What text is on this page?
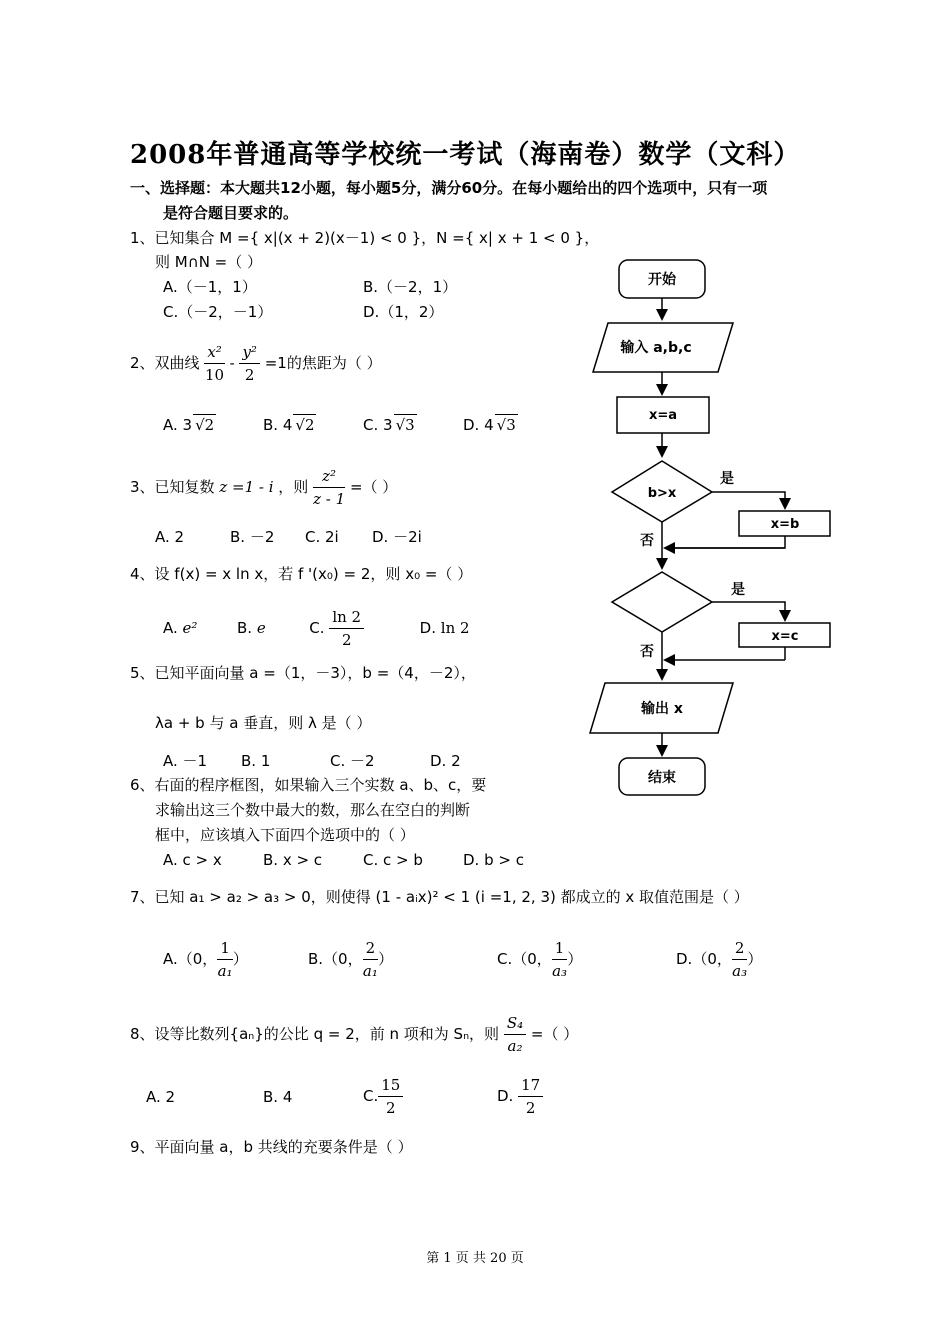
2008年普通高等学校统一考试（海南卷）数学（文科）
一、选择题：本大题共12小题，每小题5分，满分60分。在每小题给出的四个选项中，只有一项
是符合题目要求的。
1、已知集合 M ={ x|(x + 2)(x－1) < 0 }，N ={ x| x + 1 < 0 }，
则 M∩N =（ ）
A.（－1，1）	B.（－2，1）
C.（－2，－1）	D.（1，2）
2、双曲线 $\frac{\text{x²}}{10} - \frac{\text{y²}}{2} =1$的焦距为（ ）
A. 3 √2	B. 4 √2	C. 3 √3	D. 4 √3
3、已知复数 z =1 - i ，则 $\frac{\text{z²}}{z - 1}$ =（ ）
A. 2	B. －2 C. 2i D. －2i
4、设 f(x) = x ln x，若 f '(x₀) = 2，则 x₀ =（ ）
A. e²	B. e	C. $\frac{\ln 2}{2}$	D. ln 2
5、已知平面向量 a =（1，－3），b =（4，－2），
λa + b 与 a 垂直，则 λ 是（ ）
A. －1 B. 1	C. －2	D. 2
6、右面的程序框图，如果输入三个实数 a、b、c，要
求输出这三个数中最大的数，那么在空白的判断
框中，应该填入下面四个选项中的（ ）
A. c > x	B. x > c	C. c > b	D. b > c
7、已知 a₁ > a₂ > a₃ > 0，则使得 (1 - aᵢx)² < 1 (i =1, 2, 3) 都成立的 x 取值范围是（ ）
A.（0， $\frac{1}{\text{a₁}}$ ）	B.（0， $\frac{2}{\text{a₁}}$ ）	C.（0， $\frac{1}{\text{a₃}}$ ）	D.（0， $\frac{2}{\text{a₃}}$ ）
8、设等比数列{aₙ}的公比 q = 2，前 n 项和为 Sₙ，则 $\frac{\text{S₄}}{\text{a₂}}$ =（ ）
A. 2	B. 4	C. $\frac{15}{2}$	D. $\frac{17}{2}$
9、平面向量 a，b 共线的充要条件是（ ）
开始
输入 a,b,c
x=a
b>x
是
否
x=b
是
否
x=c
输出 x
结束
第 1 页 共 20 页
